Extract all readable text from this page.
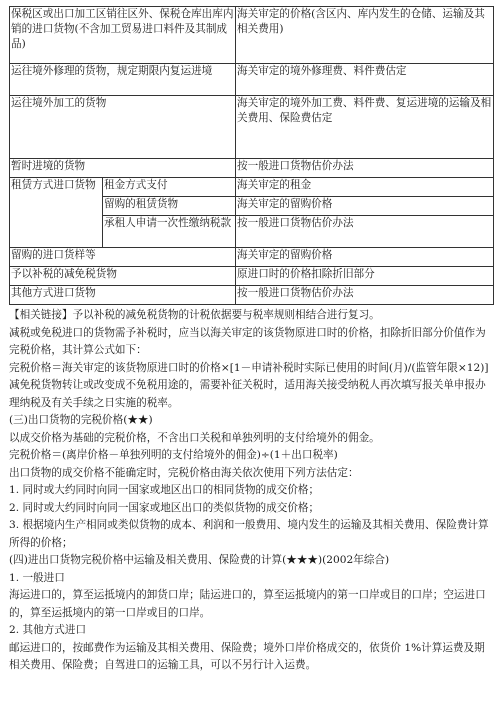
保税区或出口加工区销往区外、保税仓库出库内销的进口货物(不含加工贸易进口料件及其制成品)		海关审定的价格(含区内、库内发生的仓储、运输及其相关费用)
运往境外修理的货物，规定期限内复运进境		海关审定的境外修理费、料件费估定
运往境外加工的货物		海关审定的境外加工费、料件费、复运进境的运输及相关费用、保险费估定
暂时进境的货物		按一般进口货物估价办法
租赁方式进口货物	租金方式支付	海关审定的租金
	留购的租赁货物	海关审定的留购价格
	承租人申请一次性缴纳税款	按一般进口货物估价办法
留购的进口货样等		海关审定的留购价格
予以补税的减免税货物		原进口时的价格扣除折旧部分
其他方式进口货物		按一般进口货物估价办法

【相关链接】予以补税的减免税货物的计税依据要与税率规则相结合进行复习。

减税或免税进口的货物需予补税时，应当以海关审定的该货物原进口时的价格，扣除折旧部分价值作为完税价格，其计算公式如下：

完税价格＝海关审定的该货物原进口时的价格×[1－申请补税时实际已使用的时间(月)/(监管年限×12)]

减免税货物转让或改变成不免税用途的，需要补征关税时，适用海关接受纳税人再次填写报关单申报办理纳税及有关手续之日实施的税率。

(三)出口货物的完税价格(★★)

以成交价格为基础的完税价格，不含出口关税和单独列明的支付给境外的佣金。

完税价格＝(离岸价格－单独列明的支付给境外的佣金)÷(1＋出口税率)

出口货物的成交价格不能确定时，完税价格由海关依次使用下列方法估定：

1. 同时或大约同时向同一国家或地区出口的相同货物的成交价格；

2. 同时或大约同时向同一国家或地区出口的类似货物的成交价格；

3. 根据境内生产相同或类似货物的成本、利润和一般费用、境内发生的运输及其相关费用、保险费计算所得的价格；

(四)进出口货物完税价格中运输及相关费用、保险费的计算(★★★)(2002年综合)

1. 一般进口

海运进口的，算至运抵境内的卸货口岸；陆运进口的，算至运抵境内的第一口岸或目的口岸；空运进口的，算至运抵境内的第一口岸或目的口岸。

2. 其他方式进口

邮运进口的，按邮费作为运输及其相关费用、保险费；境外口岸价格成交的，依货价 1%计算运费及期相关费用、保险费；自驾进口的运输工具，可以不另行计入运费。
